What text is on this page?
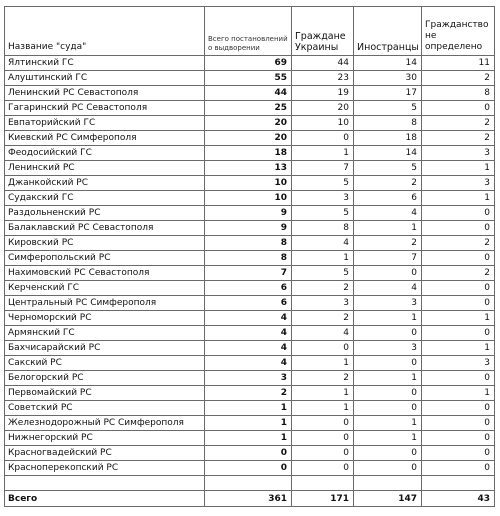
Название "суда"	Всего постановлений о выдворении	Граждане Украины	Иностранцы	Гражданство не определено
Ялтинский ГС	69	44	14	11
Алуштинский ГС	55	23	30	2
Ленинский РС Севастополя	44	19	17	8
Гагаринский РС Севастополя	25	20	5	0
Евпаторийский ГС	20	10	8	2
Киевский РС Симферополя	20	0	18	2
Феодосийский ГС	18	1	14	3
Ленинский РС	13	7	5	1
Джанкойский РС	10	5	2	3
Судакский ГС	10	3	6	1
Раздольненский РС	9	5	4	0
Балаклавский РС Севастополя	9	8	1	0
Кировский РС	8	4	2	2
Симферопольский РС	8	1	7	0
Нахимовский РС Севастополя	7	5	0	2
Керченский ГС	6	2	4	0
Центральный РС Симферополя	6	3	3	0
Черноморский РС	4	2	1	1
Армянский ГС	4	4	0	0
Бахчисарайский РС	4	0	3	1
Сакский РС	4	1	0	3
Белогорский РС	3	2	1	0
Первомайский РС	2	1	0	1
Советский РС	1	1	0	0
Железнодорожный РС Симферополя	1	0	1	0
Нижнегорский РС	1	0	1	0
Красногвадейский РС	0	0	0	0
Красноперекопский РС	0	0	0	0

Всего	361	171	147	43
